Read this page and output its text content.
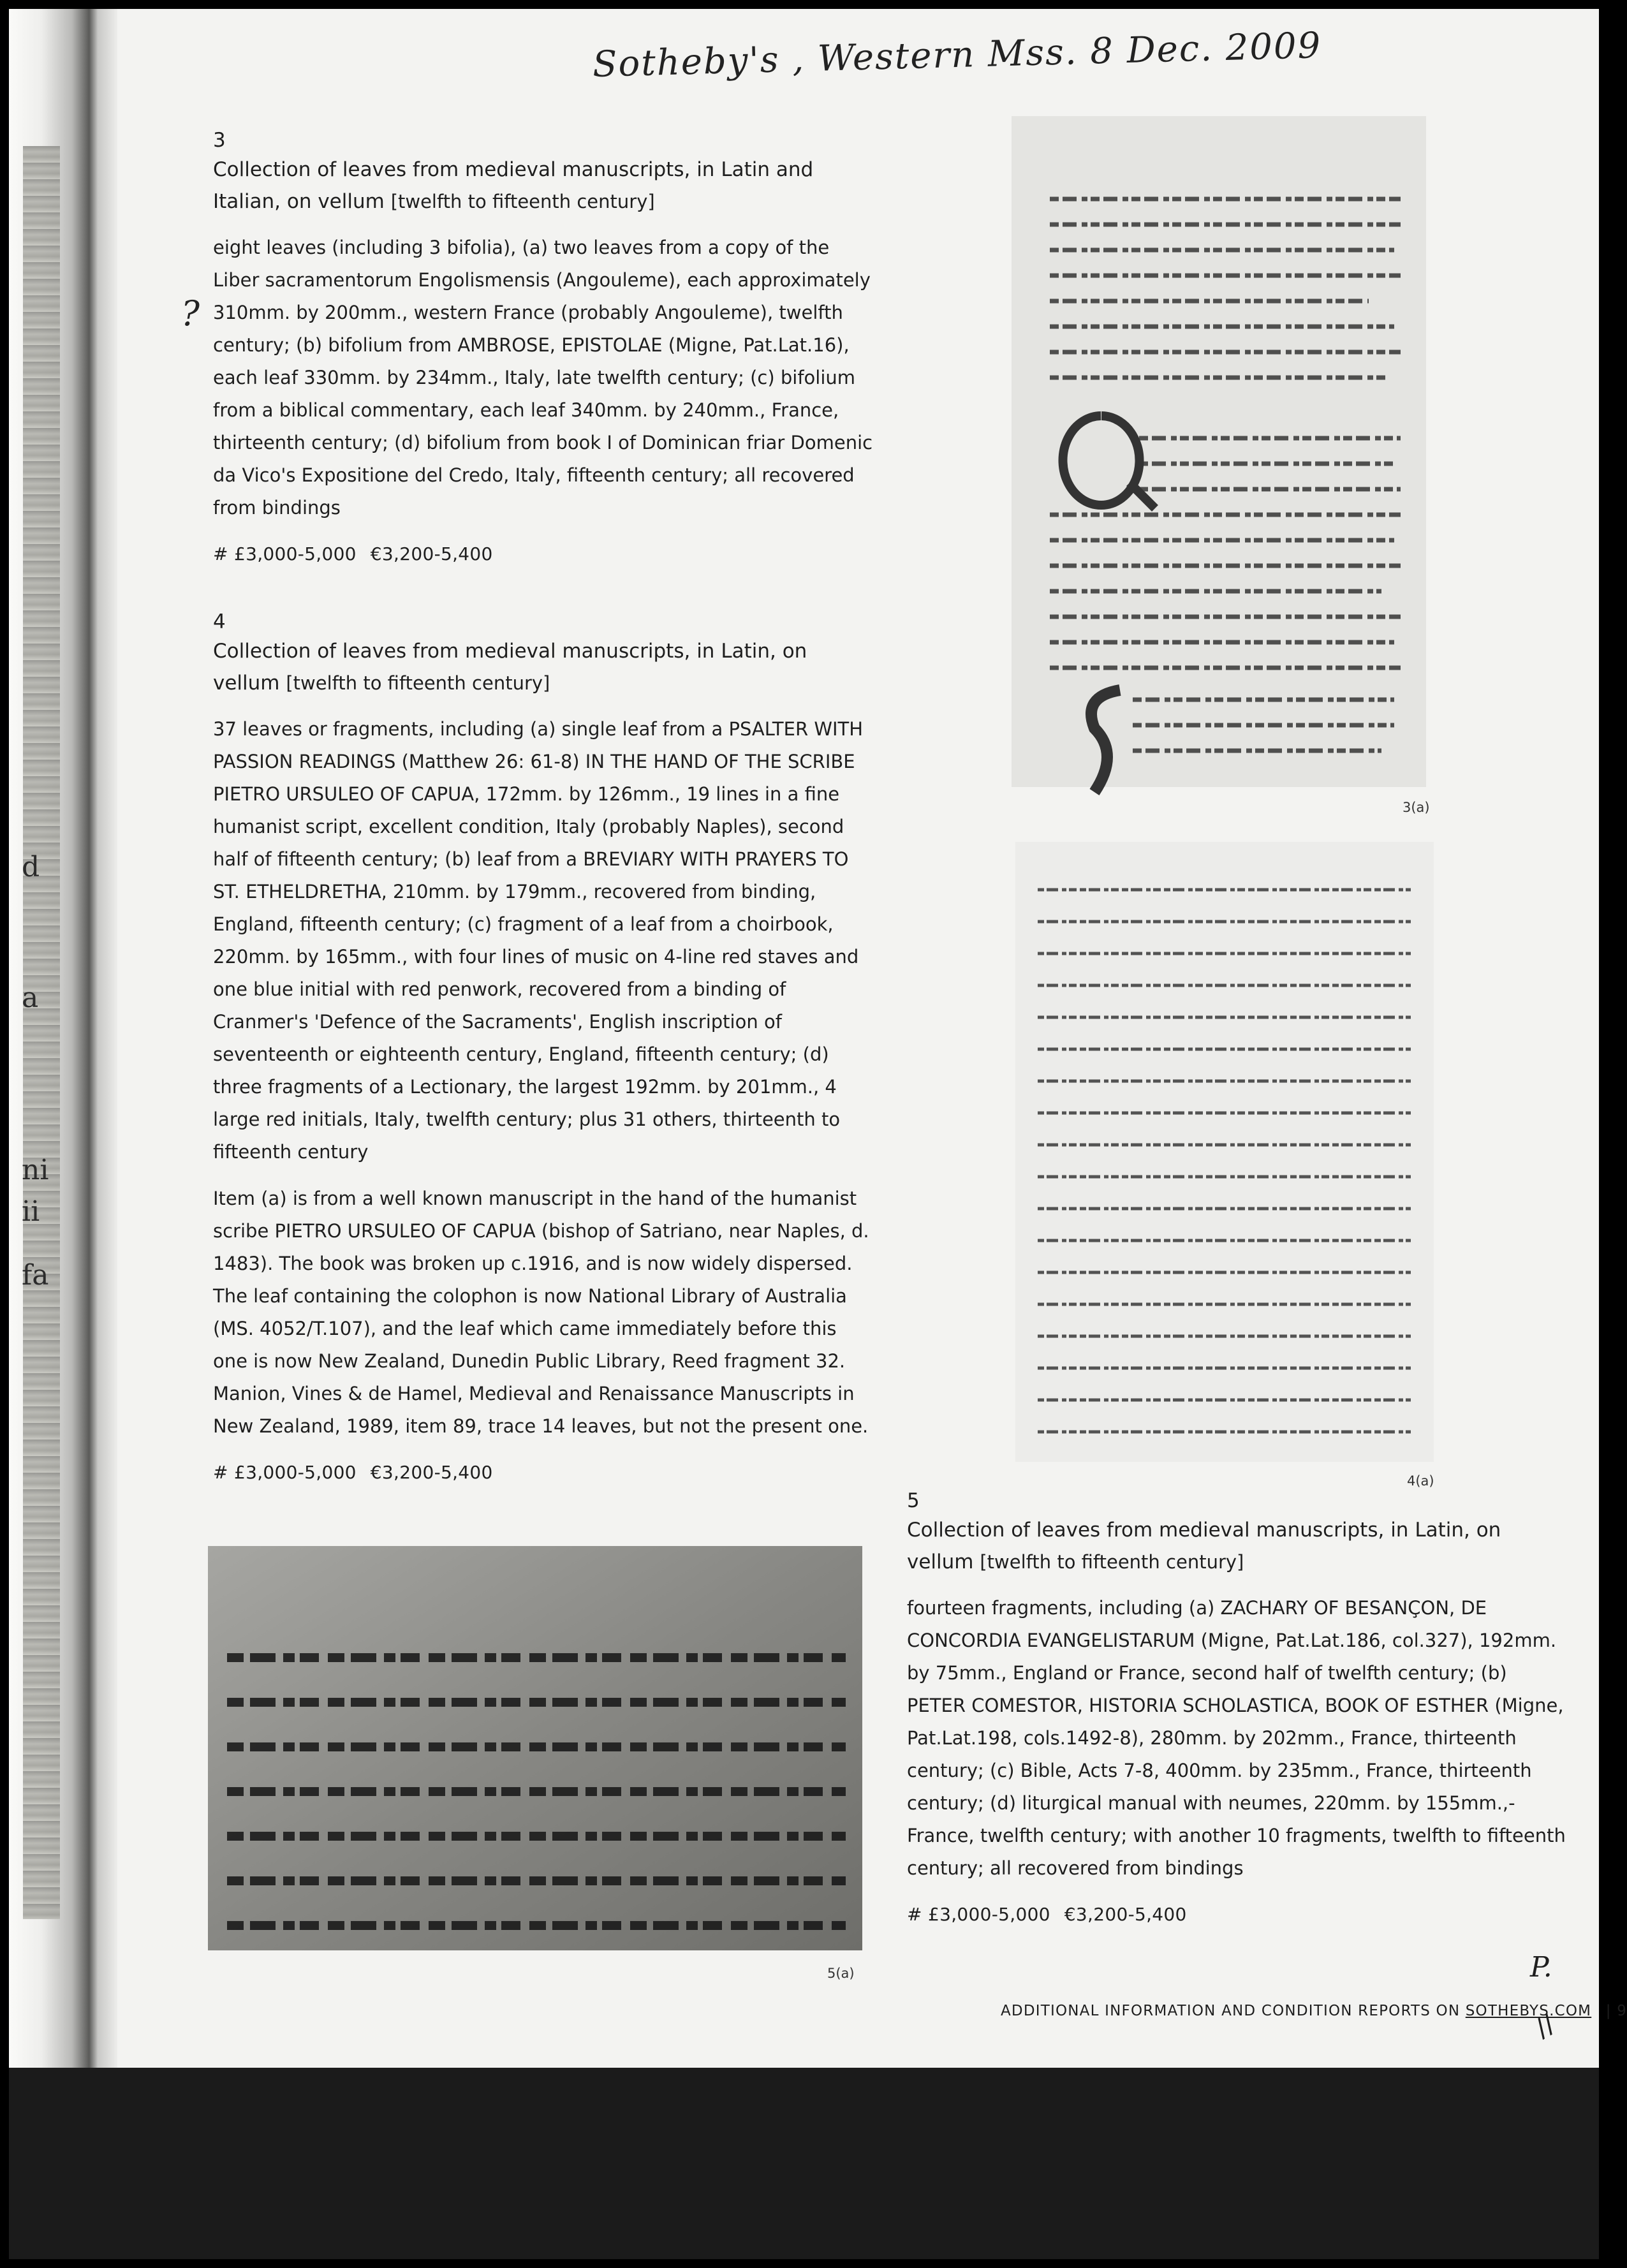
d
a
ni
ii
fa
Sotheby's , Western Mss. 8 Dec. 2009
?
3
Collection of leaves from medieval manuscripts, in Latin and Italian, on vellum [twelfth to fifteenth century]
eight leaves (including 3 bifolia), (a) two leaves from a copy of the Liber sacramentorum Engolismensis (Angouleme), each approximately 310mm. by 200mm., western France (probably Angouleme), twelfth century; (b) bifolium from AMBROSE, EPISTOLAE (Migne, Pat.Lat.16), each leaf 330mm. by 234mm., Italy, late twelfth century; (c) bifolium from a biblical commentary, each leaf 340mm. by 240mm., France, thirteenth century; (d) bifolium from book I of Dominican friar Domenic da Vico's Expositione del Credo, Italy, fifteenth century; all recovered from bindings
# £3,000-5,000 €3,200-5,400
4
Collection of leaves from medieval manuscripts, in Latin, on vellum [twelfth to fifteenth century]
37 leaves or fragments, including (a) single leaf from a PSALTER WITH PASSION READINGS (Matthew 26: 61-8) IN THE HAND OF THE SCRIBE PIETRO URSULEO OF CAPUA, 172mm. by 126mm., 19 lines in a fine humanist script, excellent condition, Italy (probably Naples), second half of fifteenth century; (b) leaf from a BREVIARY WITH PRAYERS TO ST. ETHELDRETHA, 210mm. by 179mm., recovered from binding, England, fifteenth century; (c) fragment of a leaf from a choirbook, 220mm. by 165mm., with four lines of music on 4-line red staves and one blue initial with red penwork, recovered from a binding of Cranmer's 'Defence of the Sacraments', English inscription of seventeenth or eighteenth century, England, fifteenth century; (d) three fragments of a Lectionary, the largest 192mm. by 201mm., 4 large red initials, Italy, twelfth century; plus 31 others, thirteenth to fifteenth century
Item (a) is from a well known manuscript in the hand of the humanist scribe PIETRO URSULEO OF CAPUA (bishop of Satriano, near Naples, d. 1483). The book was broken up c.1916, and is now widely dispersed. The leaf containing the colophon is now National Library of Australia (MS. 4052/T.107), and the leaf which came immediately before this one is now New Zealand, Dunedin Public Library, Reed fragment 32. Manion, Vines & de Hamel, Medieval and Renaissance Manuscripts in New Zealand, 1989, item 89, trace 14 leaves, but not the present one.
# £3,000-5,000 €3,200-5,400
5
Collection of leaves from medieval manuscripts, in Latin, on vellum [twelfth to fifteenth century]
fourteen fragments, including (a) ZACHARY OF BESANÇON, DE CONCORDIA EVANGELISTARUM (Migne, Pat.Lat.186, col.327), 192mm. by 75mm., England or France, second half of twelfth century; (b) PETER COMESTOR, HISTORIA SCHOLASTICA, BOOK OF ESTHER (Migne, Pat.Lat.198, cols.1492-8), 280mm. by 202mm., France, thirteenth century; (c) Bible, Acts 7-8, 400mm. by 235mm., France, thirteenth century; (d) liturgical manual with neumes, 220mm. by 155mm.,-France, twelfth century; with another 10 fragments, twelfth to fifteenth century; all recovered from bindings
# £3,000-5,000 €3,200-5,400
3(a)
4(a)
5(a)	P.
ADDITIONAL INFORMATION AND CONDITION REPORTS ON SOTHEBYS.COM | 9
//
